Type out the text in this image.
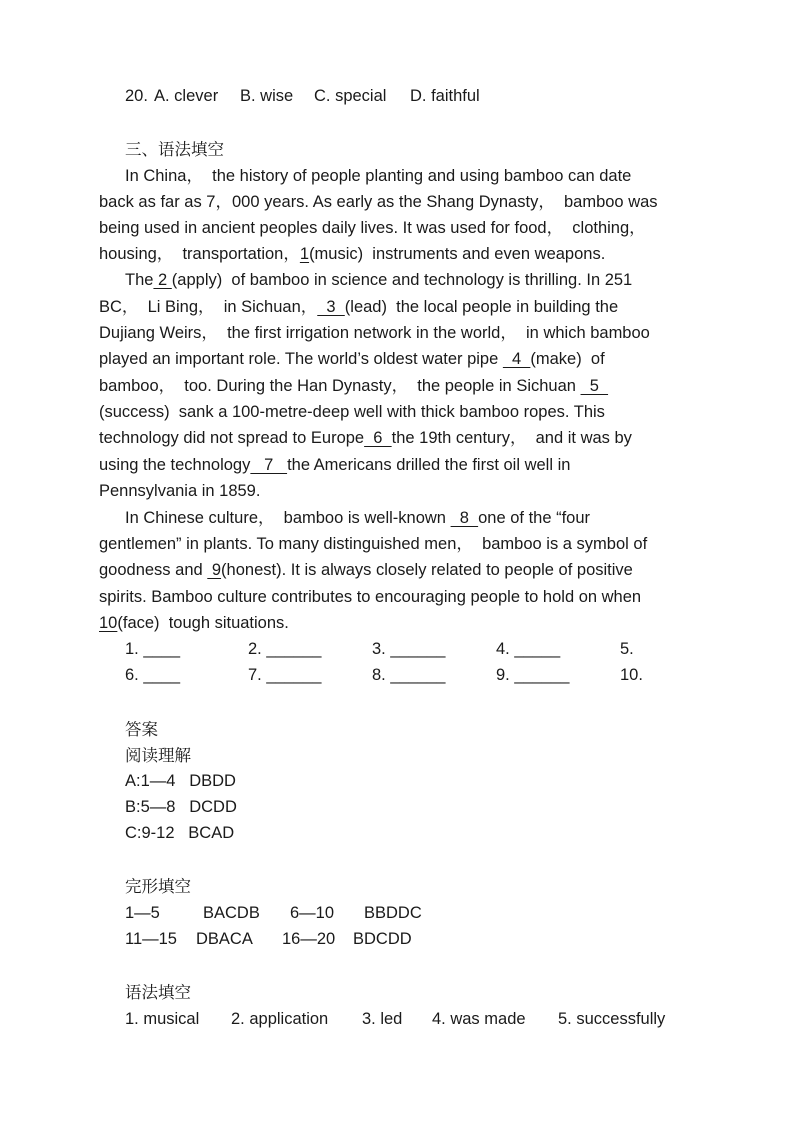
20. A. clever B. wise C. special D. faithful
三、语法填空
In China，  the history of people planting and using bamboo can date
back as far as 7，000 years. As early as the Shang Dynasty，  bamboo was
being used in ancient peoples daily lives. It was used for food，  clothing，
housing，  transportation，1(music)  instruments and even weapons.
The 2 (apply)  of bamboo in science and technology is thrilling. In 251
BC，  Li Bing，  in Sichuan，  3  (lead)  the local people in building the
Dujiang Weirs，  the first irrigation network in the world，  in which bamboo
played an important role. The world’s oldest water pipe   4  (make)  of
bamboo，  too. During the Han Dynasty，  the people in Sichuan   5
(success)  sank a 100-metre-deep well with thick bamboo ropes. This
technology did not spread to Europe  6  the 19th century，  and it was by
using the technology   7   the Americans drilled the first oil well in
Pennsylvania in 1859.
In Chinese culture，  bamboo is well-known   8  one of the “four
gentlemen” in plants. To many distinguished men，  bamboo is a symbol of
goodness and  9(honest). It is always closely related to people of positive
spirits. Bamboo culture contributes to encouraging people to hold on when
10(face)  tough situations.
1. ____	2. ______	3. ______	4. _____	5.
6. ____	7. ______	8. ______	9. ______	10.
答案
阅读理解
A:1—4   DBDD
B:5—8   DCDD
C:9-12   BCAD
完形填空
1—5	BACDB 6—10 BBDDC
11—15 DBACA 16—20 BDCDD
语法填空
1. musical 2. application 3. led 4. was made 5. successfully
